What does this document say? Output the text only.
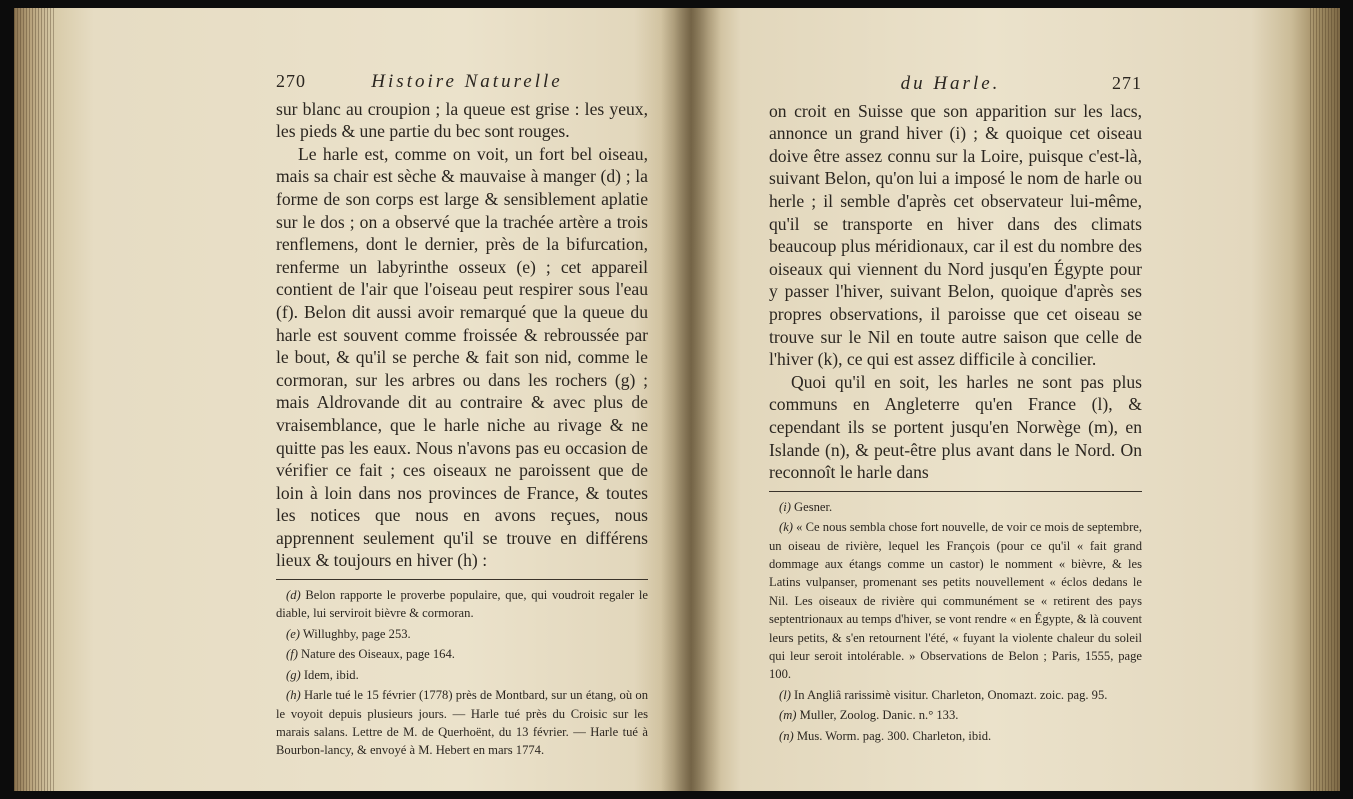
270	Histoire Naturelle

sur blanc au croupion ; la queue est grise : les yeux, les pieds & une partie du bec sont rouges.

Le harle est, comme on voit, un fort bel oiseau, mais sa chair est sèche & mauvaise à manger (d) ; la forme de son corps est large & sensiblement aplatie sur le dos ; on a observé que la trachée artère a trois renflemens, dont le dernier, près de la bifurcation, renferme un labyrinthe osseux (e) ; cet appareil contient de l'air que l'oiseau peut respirer sous l'eau (f). Belon dit aussi avoir remarqué que la queue du harle est souvent comme froissée & rebroussée par le bout, & qu'il se perche & fait son nid, comme le cormoran, sur les arbres ou dans les rochers (g) ; mais Aldrovande dit au contraire & avec plus de vraisemblance, que le harle niche au rivage & ne quitte pas les eaux. Nous n'avons pas eu occasion de vérifier ce fait ; ces oiseaux ne paroissent que de loin à loin dans nos provinces de France, & toutes les notices que nous en avons reçues, nous apprennent seulement qu'il se trouve en différens lieux & toujours en hiver (h) :

(d) Belon rapporte le proverbe populaire, que, qui voudroit regaler le diable, lui serviroit bièvre & cormoran.

(e) Willughby, page 253.

(f) Nature des Oiseaux, page 164.

(g) Idem, ibid.

(h) Harle tué le 15 février (1778) près de Montbard, sur un étang, où on le voyoit depuis plusieurs jours. — Harle tué près du Croisic sur les marais salans. Lettre de M. de Querhoënt, du 13 février. — Harle tué à Bourbon-lancy, & envoyé à M. Hebert en mars 1774.

du Harle.	271

on croit en Suisse que son apparition sur les lacs, annonce un grand hiver (i) ; & quoique cet oiseau doive être assez connu sur la Loire, puisque c'est-là, suivant Belon, qu'on lui a imposé le nom de harle ou herle ; il semble d'après cet observateur lui-même, qu'il se transporte en hiver dans des climats beaucoup plus méridionaux, car il est du nombre des oiseaux qui viennent du Nord jusqu'en Égypte pour y passer l'hiver, suivant Belon, quoique d'après ses propres observations, il paroisse que cet oiseau se trouve sur le Nil en toute autre saison que celle de l'hiver (k), ce qui est assez difficile à concilier.

Quoi qu'il en soit, les harles ne sont pas plus communs en Angleterre qu'en France (l), & cependant ils se portent jusqu'en Norwège (m), en Islande (n), & peut-être plus avant dans le Nord. On reconnoît le harle dans

(i) Gesner.

(k) « Ce nous sembla chose fort nouvelle, de voir ce mois de septembre, un oiseau de rivière, lequel les François (pour ce qu'il « fait grand dommage aux étangs comme un castor) le nomment « bièvre, & les Latins vulpanser, promenant ses petits nouvellement « éclos dedans le Nil. Les oiseaux de rivière qui communément se « retirent des pays septentrionaux au temps d'hiver, se vont rendre « en Égypte, & là couvent leurs petits, & s'en retournent l'été, « fuyant la violente chaleur du soleil qui leur seroit intolérable. » Observations de Belon ; Paris, 1555, page 100.

(l) In Angliâ rarissimè visitur. Charleton, Onomazt. zoic. pag. 95.

(m) Muller, Zoolog. Danic. n.° 133.

(n) Mus. Worm. pag. 300. Charleton, ibid.
